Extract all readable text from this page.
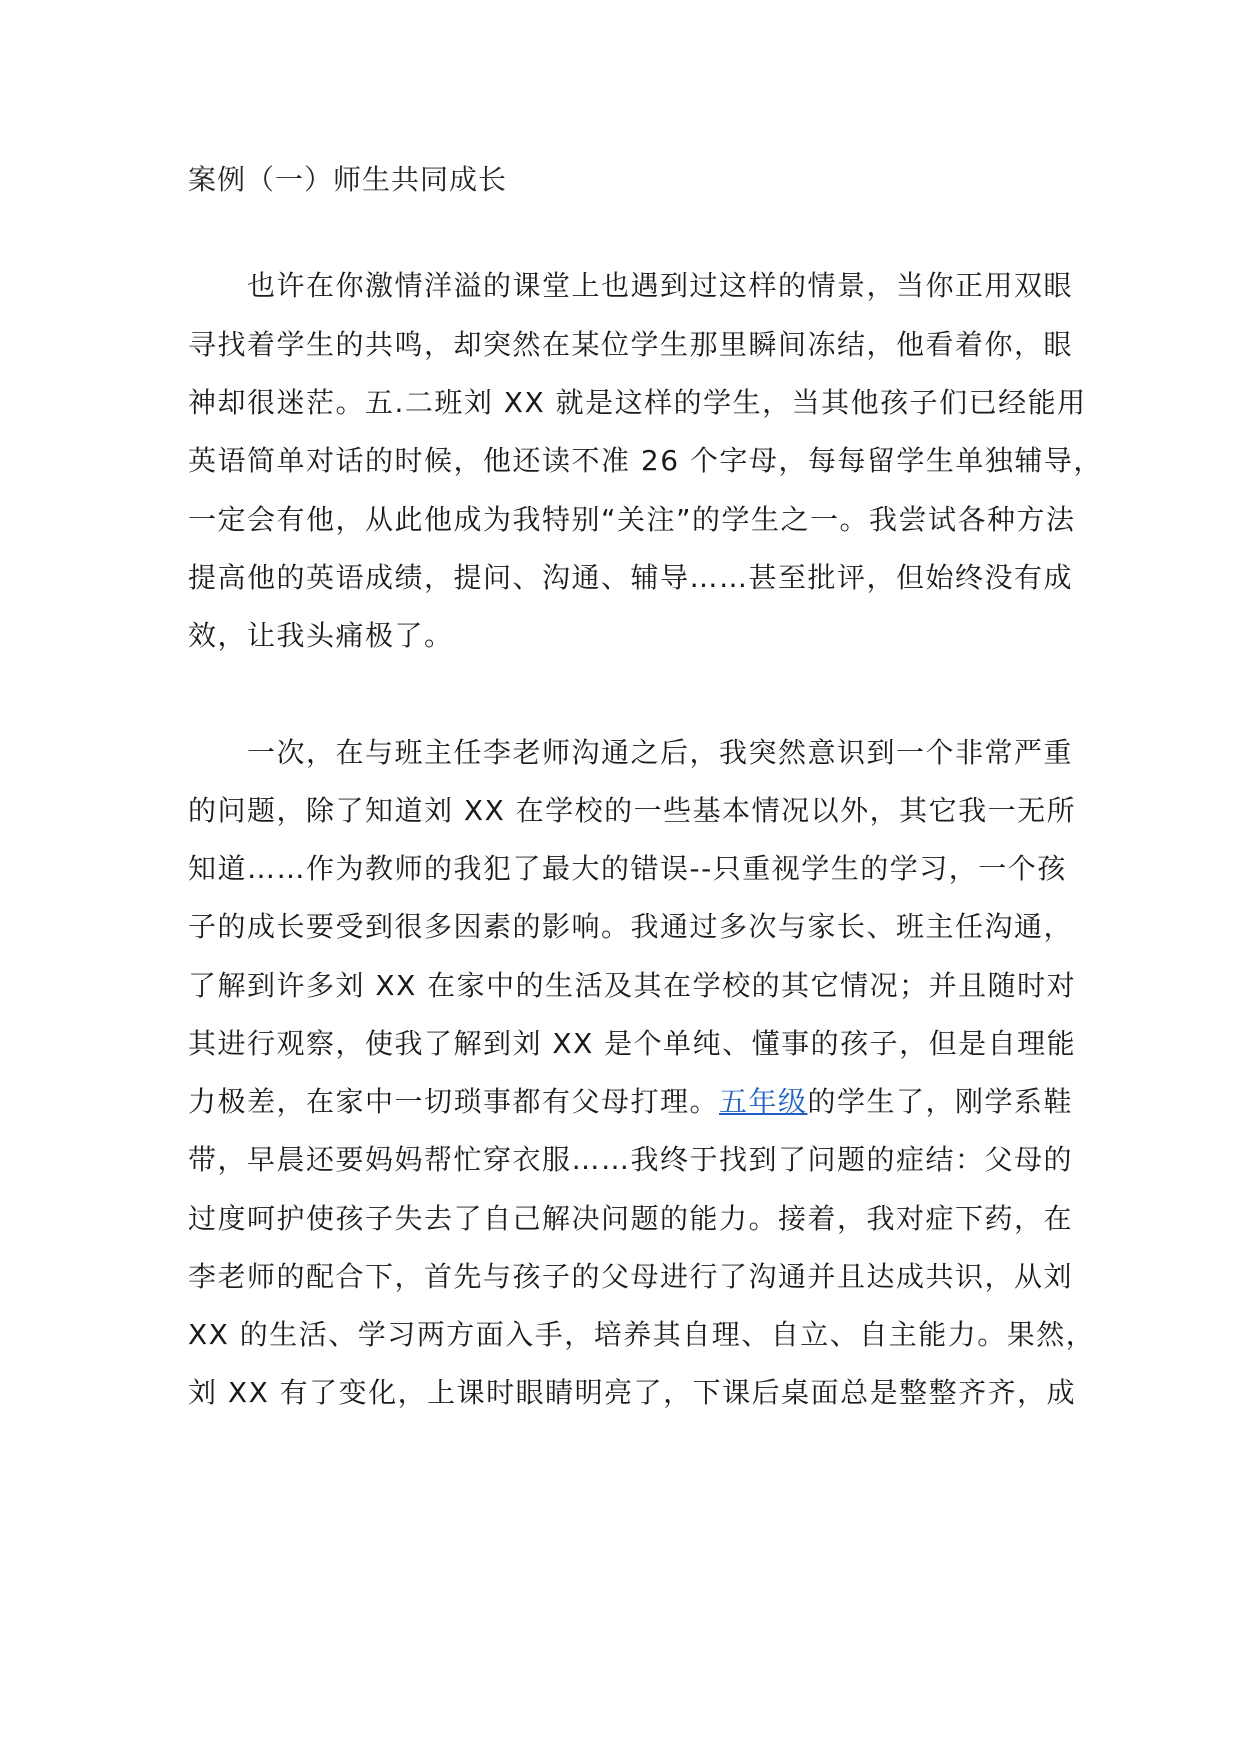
案例（一）师生共同成长
　　也许在你激情洋溢的课堂上也遇到过这样的情景，当你正用双眼
寻找着学生的共鸣，却突然在某位学生那里瞬间冻结，他看着你，眼
神却很迷茫。五.二班刘 XX 就是这样的学生，当其他孩子们已经能用
英语简单对话的时候，他还读不准 26 个字母，每每留学生单独辅导，
一定会有他，从此他成为我特别“关注”的学生之一。我尝试各种方法
提高他的英语成绩，提问、沟通、辅导……甚至批评，但始终没有成
效，让我头痛极了。
　　一次，在与班主任李老师沟通之后，我突然意识到一个非常严重
的问题，除了知道刘 XX 在学校的一些基本情况以外，其它我一无所
知道……作为教师的我犯了最大的错误--只重视学生的学习，一个孩
子的成长要受到很多因素的影响。我通过多次与家长、班主任沟通，
了解到许多刘 XX 在家中的生活及其在学校的其它情况；并且随时对
其进行观察，使我了解到刘 XX 是个单纯、懂事的孩子，但是自理能
力极差，在家中一切琐事都有父母打理。五年级的学生了，刚学系鞋
带，早晨还要妈妈帮忙穿衣服……我终于找到了问题的症结：父母的
过度呵护使孩子失去了自己解决问题的能力。接着，我对症下药，在
李老师的配合下，首先与孩子的父母进行了沟通并且达成共识，从刘
XX 的生活、学习两方面入手，培养其自理、自立、自主能力。果然，
刘 XX 有了变化，上课时眼睛明亮了，下课后桌面总是整整齐齐，成
